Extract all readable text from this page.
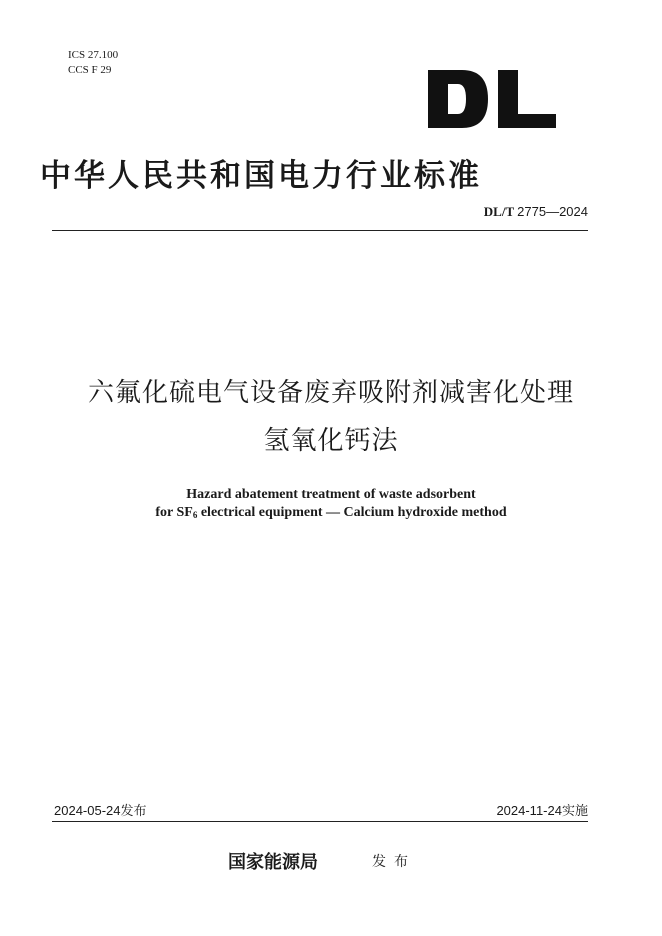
ICS 27.100
CCS F 29
中华人民共和国电力行业标准
DL/T 2775—2024
六氟化硫电气设备废弃吸附剂减害化处理
氢氧化钙法
Hazard abatement treatment of waste adsorbent
for $SF_6$ electrical equipment — Calcium hydroxide method
2024-05-24发布	2024-11-24实施
国家能源局	发布
